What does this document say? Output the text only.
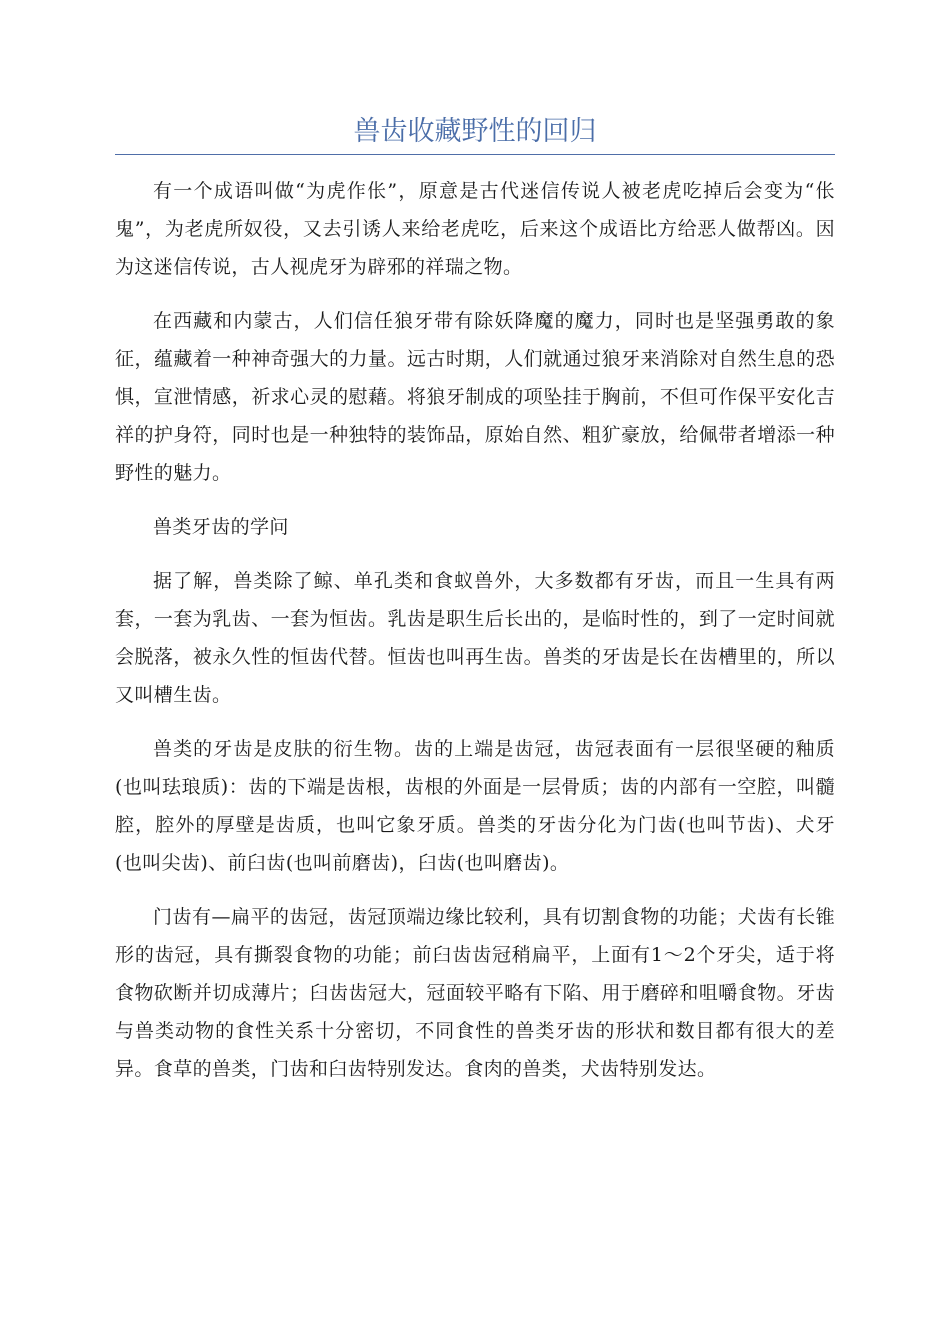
兽齿收藏野性的回归

有一个成语叫做“为虎作伥”，原意是古代迷信传说人被老虎吃掉后会变为“伥鬼”，为老虎所奴役，又去引诱人来给老虎吃，后来这个成语比方给恶人做帮凶。因为这迷信传说，古人视虎牙为辟邪的祥瑞之物。

在西藏和内蒙古，人们信任狼牙带有除妖降魔的魔力，同时也是坚强勇敢的象征，蕴藏着一种神奇强大的力量。远古时期，人们就通过狼牙来消除对自然生息的恐惧，宣泄情感，祈求心灵的慰藉。将狼牙制成的项坠挂于胸前，不但可作保平安化吉祥的护身符，同时也是一种独特的装饰品，原始自然、粗犷豪放，给佩带者增添一种野性的魅力。

兽类牙齿的学问

据了解，兽类除了鲸、单孔类和食蚁兽外，大多数都有牙齿，而且一生具有两套，一套为乳齿、一套为恒齿。乳齿是职生后长出的，是临时性的，到了一定时间就会脱落，被永久性的恒齿代替。恒齿也叫再生齿。兽类的牙齿是长在齿槽里的，所以又叫槽生齿。

兽类的牙齿是皮肤的衍生物。齿的上端是齿冠，齿冠表面有一层很坚硬的釉质(也叫珐琅质)：齿的下端是齿根，齿根的外面是一层骨质；齿的内部有一空腔，叫髓腔，腔外的厚壁是齿质，也叫它象牙质。兽类的牙齿分化为门齿(也叫节齿)、犬牙(也叫尖齿)、前臼齿(也叫前磨齿)，臼齿(也叫磨齿)。

门齿有—扁平的齿冠，齿冠顶端边缘比较利，具有切割食物的功能；犬齿有长锥形的齿冠，具有撕裂食物的功能；前臼齿齿冠稍扁平，上面有1～2个牙尖，适于将食物砍断并切成薄片；臼齿齿冠大，冠面较平略有下陷、用于磨碎和咀嚼食物。牙齿与兽类动物的食性关系十分密切，不同食性的兽类牙齿的形状和数目都有很大的差异。食草的兽类，门齿和臼齿特别发达。食肉的兽类，犬齿特别发达。
